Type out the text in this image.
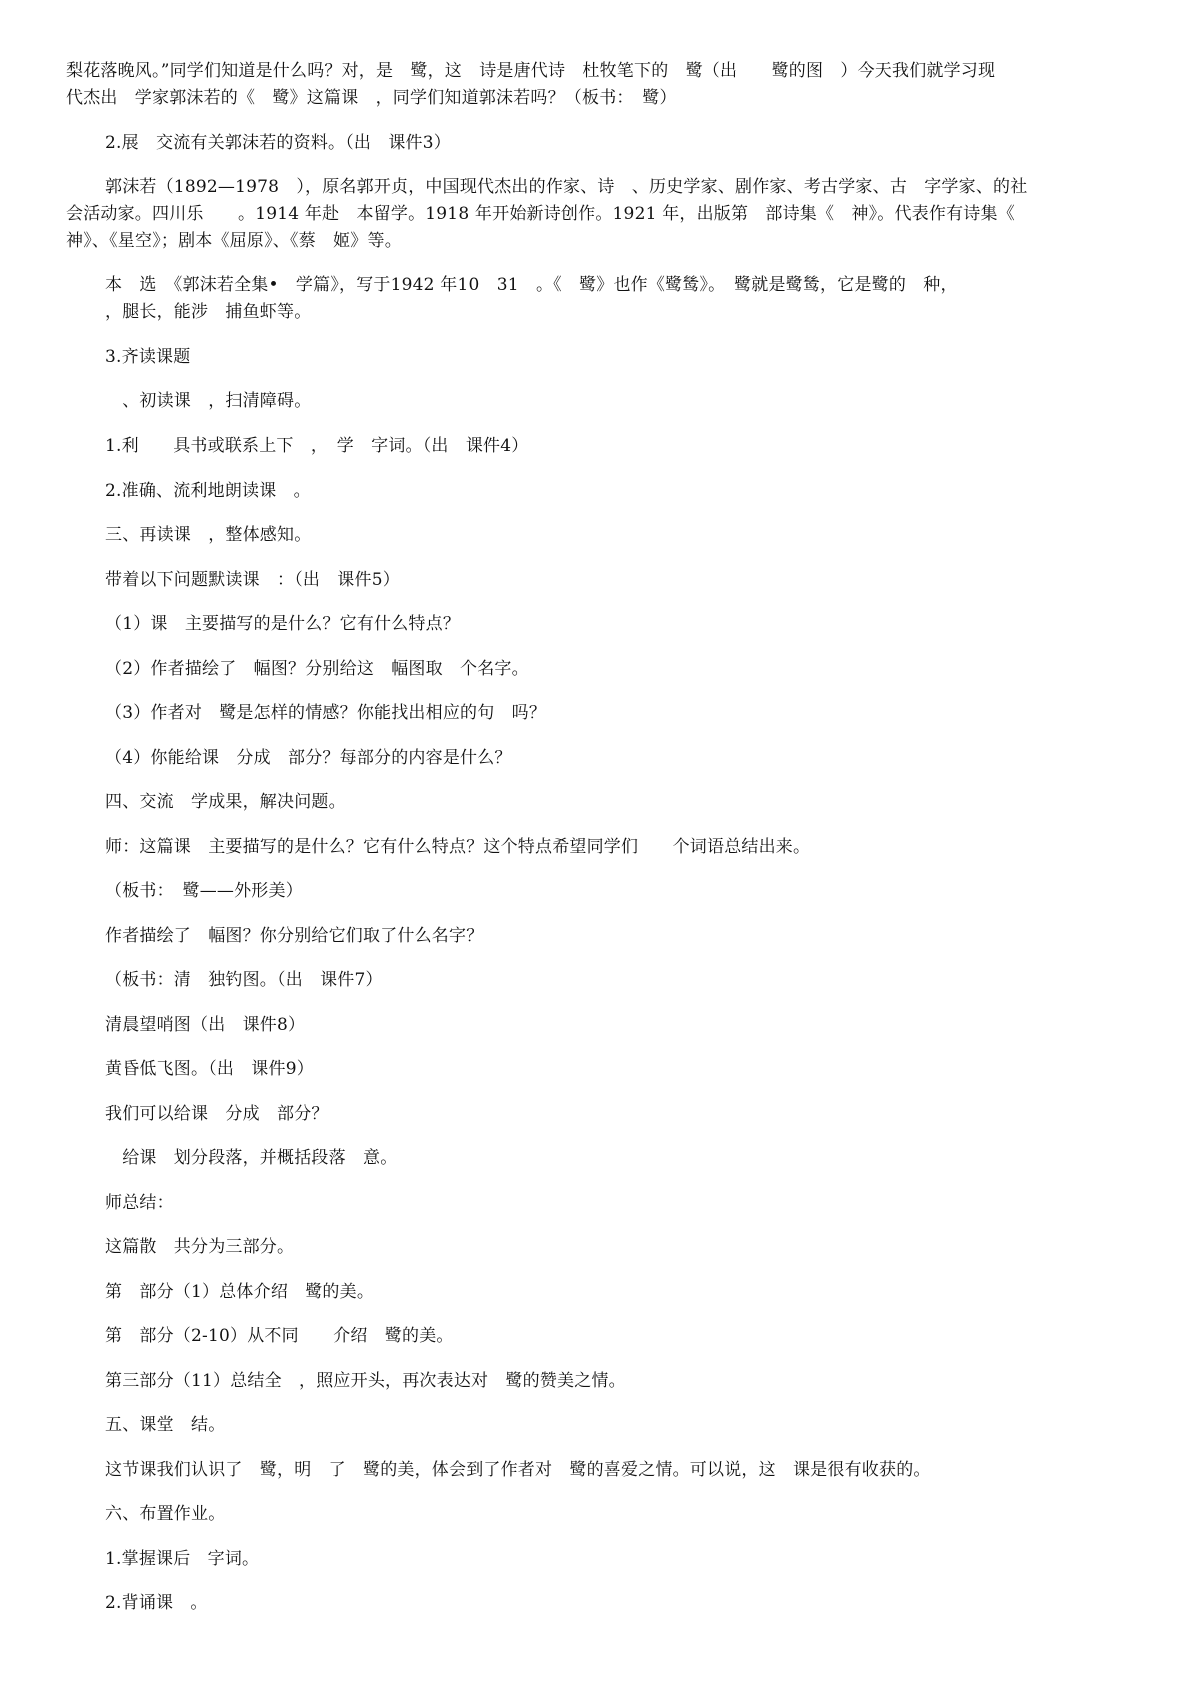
梨花落晚风。”同学们知道是什么吗？对，是　鹭，这　诗是唐代诗　杜牧笔下的　鹭（出　　鹭的图　）今天我们就学习现
代杰出　学家郭沫若的《　鹭》这篇课　，同学们知道郭沫若吗？（板书：　鹭）
2.展　交流有关郭沫若的资料。（出　课件3）
郭沫若（1892—1978　），原名郭开贞，中国现代杰出的作家、诗　、历史学家、剧作家、考古学家、古　字学家、的社
会活动家。四川乐　　。1914 年赴　本留学。1918 年开始新诗创作。1921 年，出版第　部诗集《　神》。代表作有诗集《
神》、《星空》；剧本《屈原》、《蔡　姬》等。
本　选　《郭沫若全集•　学篇》，写于1942 年10　31　。《　鹭》也作《鹭鸶》。　鹭就是鹭鸶，它是鹭的　种，
，腿长，能涉　捕鱼虾等。
3.齐读课题
　、初读课　，扫清障碍。
1.利　　具书或联系上下　，　学　字词。（出　课件4）
2.准确、流利地朗读课　。
三、再读课　，整体感知。
带着以下问题默读课　：（出　课件5）
（1）课　主要描写的是什么？它有什么特点？
（2）作者描绘了　幅图？分别给这　幅图取　个名字。
（3）作者对　鹭是怎样的情感？你能找出相应的句　吗？
（4）你能给课　分成　部分？每部分的内容是什么？
四、交流　学成果，解决问题。
师：这篇课　主要描写的是什么？它有什么特点？这个特点希望同学们　　个词语总结出来。
（板书：　鹭——外形美）
作者描绘了　幅图？你分别给它们取了什么名字？
（板书：清　独钓图。（出　课件7）
清晨望哨图（出　课件8）
黄昏低飞图。（出　课件9）
我们可以给课　分成　部分？
　给课　划分段落，并概括段落　意。
师总结：
这篇散　共分为三部分。
第　部分（1）总体介绍　鹭的美。
第　部分（2-10）从不同　　介绍　鹭的美。
第三部分（11）总结全　，照应开头，再次表达对　鹭的赞美之情。
五、课堂　结。
这节课我们认识了　鹭，明　了　鹭的美，体会到了作者对　鹭的喜爱之情。可以说，这　课是很有收获的。
六、布置作业。
1.掌握课后　字词。
2.背诵课　。
